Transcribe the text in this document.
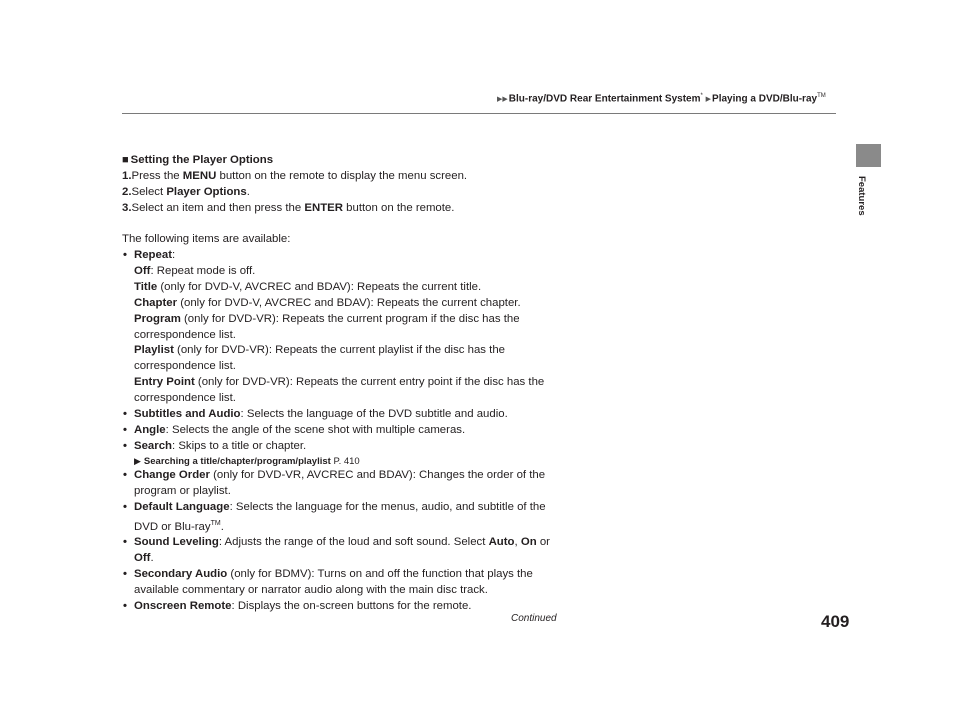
▶▶Blu-ray/DVD Rear Entertainment System* ▶Playing a DVD/Blu-ray™
Features

■ Setting the Player Options

1.Press the MENU button on the remote to display the menu screen.

2.Select Player Options.

3.Select an item and then press the ENTER button on the remote.

The following items are available:

• Repeat:

Off: Repeat mode is off.

Title (only for DVD-V, AVCREC and BDAV): Repeats the current title.

Chapter (only for DVD-V, AVCREC and BDAV): Repeats the current chapter.

Program (only for DVD-VR): Repeats the current program if the disc has the correspondence list.

Playlist (only for DVD-VR): Repeats the current playlist if the disc has the correspondence list.

Entry Point (only for DVD-VR): Repeats the current entry point if the disc has the correspondence list.

• Subtitles and Audio: Selects the language of the DVD subtitle and audio.

• Angle: Selects the angle of the scene shot with multiple cameras.

• Search: Skips to a title or chapter.

▶ Searching a title/chapter/program/playlist P. 410

• Change Order (only for DVD-VR, AVCREC and BDAV): Changes the order of the program or playlist.

• Default Language: Selects the language for the menus, audio, and subtitle of the DVD or Blu-ray™.

• Sound Leveling: Adjusts the range of the loud and soft sound. Select Auto, On or Off.

• Secondary Audio (only for BDMV): Turns on and off the function that plays the available commentary or narrator audio along with the main disc track.

• Onscreen Remote: Displays the on-screen buttons for the remote.

Continued	409
